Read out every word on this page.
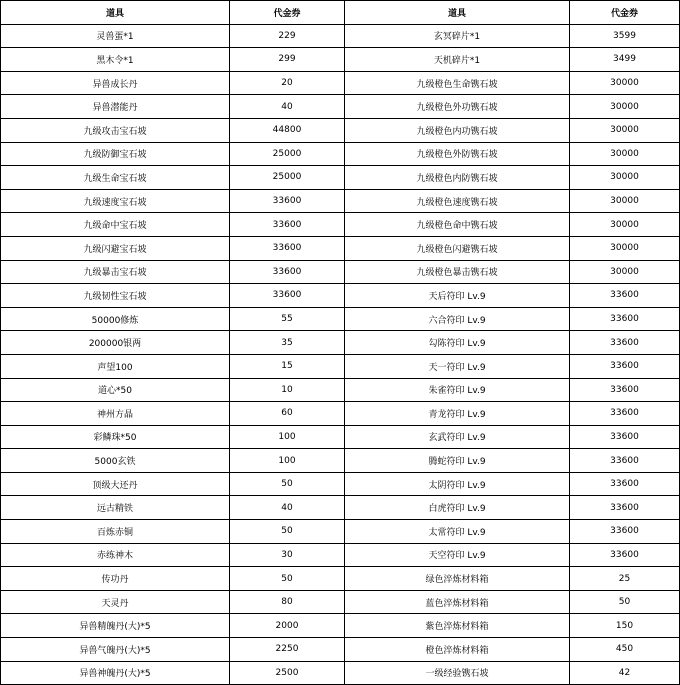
道具	代金券	道具	代金券
灵兽蛋*1	229	玄冥碎片*1	3599
黑木令*1	299	天机碎片*1	3499
异兽成长丹	20	九级橙色生命镌石坡	30000
异兽潜能丹	40	九级橙色外功镌石坡	30000
九级攻击宝石坡	44800	九级橙色内功镌石坡	30000
九级防御宝石坡	25000	九级橙色外防镌石坡	30000
九级生命宝石坡	25000	九级橙色内防镌石坡	30000
九级速度宝石坡	33600	九级橙色速度镌石坡	30000
九级命中宝石坡	33600	九级橙色命中镌石坡	30000
九级闪避宝石坡	33600	九级橙色闪避镌石坡	30000
九级暴击宝石坡	33600	九级橙色暴击镌石坡	30000
九级韧性宝石坡	33600	天后符印 Lv.9	33600
50000修炼	55	六合符印 Lv.9	33600
200000银两	35	勾陈符印 Lv.9	33600
声望100	15	天一符印 Lv.9	33600
道心*50	10	朱雀符印 Lv.9	33600
神州方晶	60	青龙符印 Lv.9	33600
彩鳞珠*50	100	玄武符印 Lv.9	33600
5000玄铁	100	腾蛇符印 Lv.9	33600
顶级大还丹	50	太阴符印 Lv.9	33600
远古精铁	40	白虎符印 Lv.9	33600
百炼赤铜	50	太常符印 Lv.9	33600
赤练神木	30	天空符印 Lv.9	33600
传功丹	50	绿色淬炼材料箱	25
天灵丹	80	蓝色淬炼材料箱	50
异兽精魄丹(大)*5	2000	紫色淬炼材料箱	150
异兽气魄丹(大)*5	2250	橙色淬炼材料箱	450
异兽神魄丹(大)*5	2500	一级经验镌石坡	42
